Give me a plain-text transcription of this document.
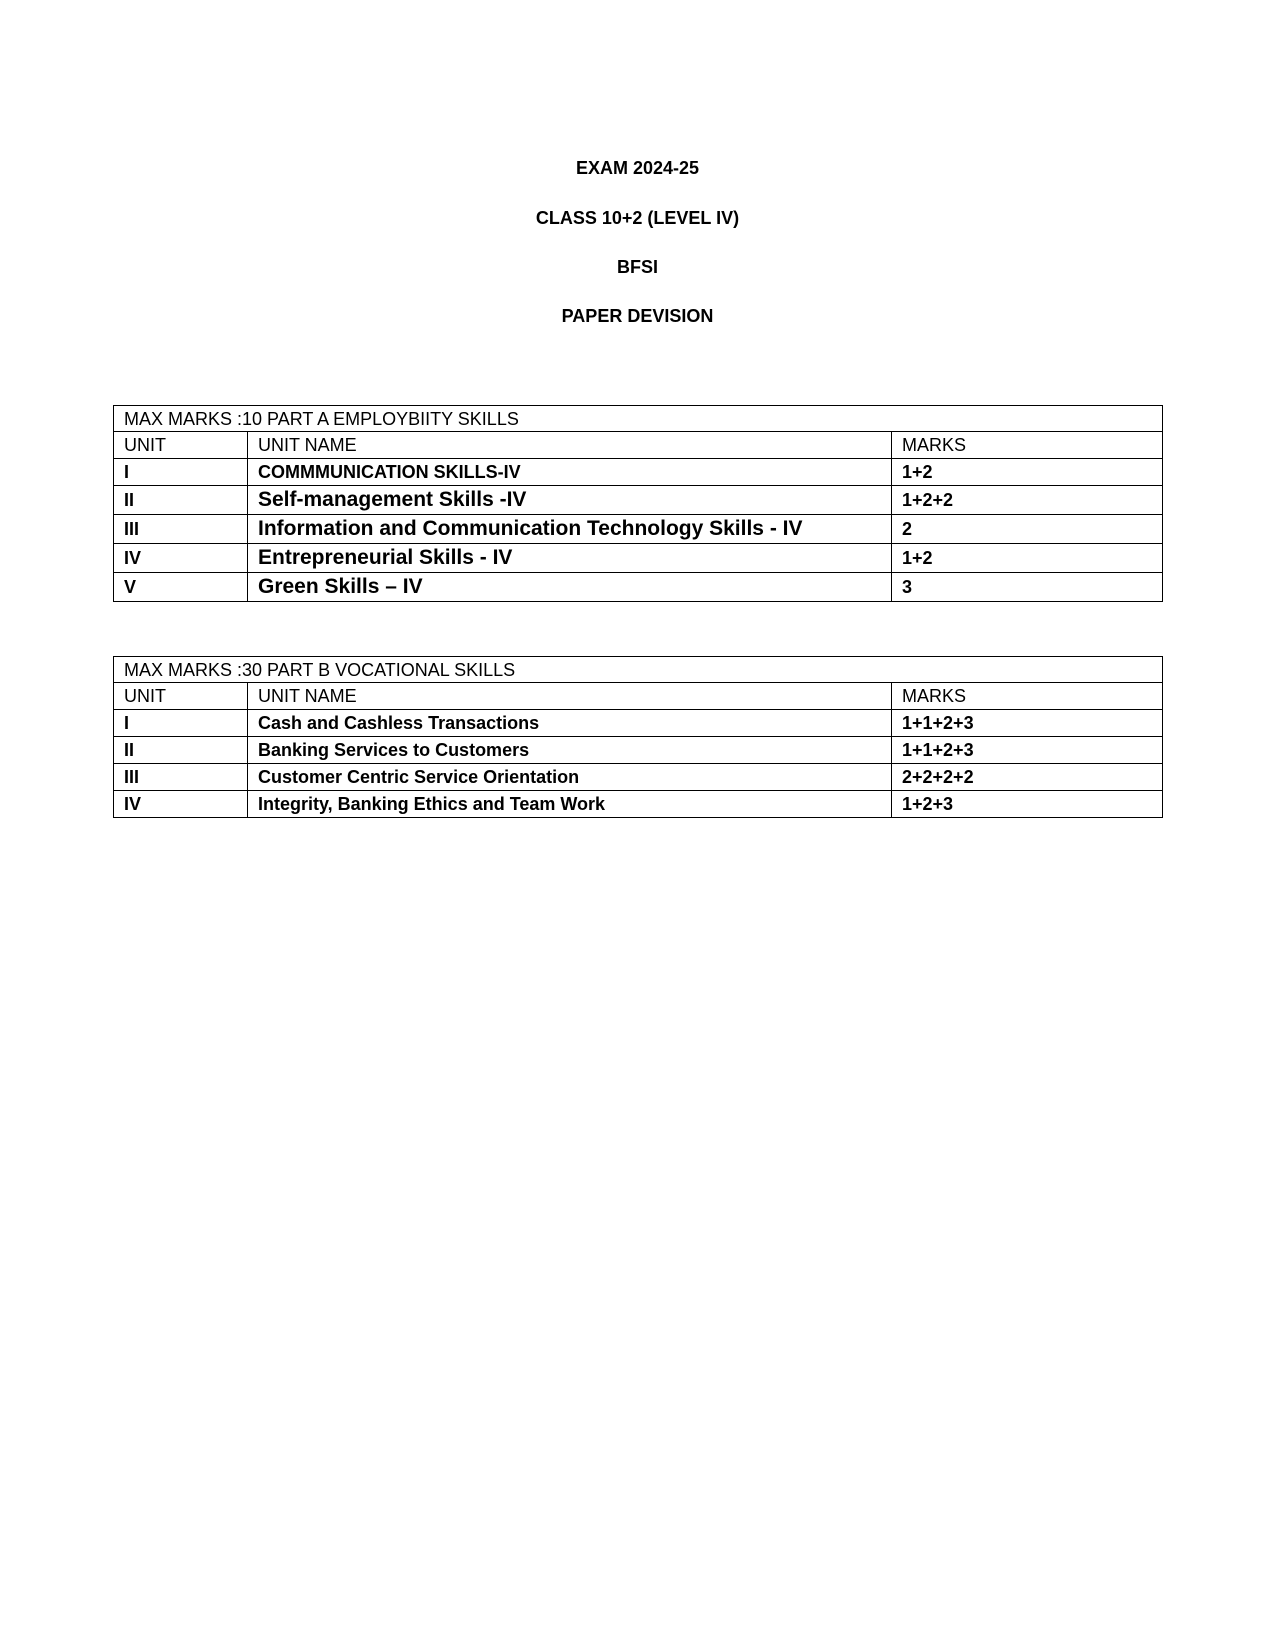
EXAM 2024-25

CLASS 10+2 (LEVEL IV)

BFSI

PAPER DEVISION

MAX MARKS :10 PART A EMPLOYBIITY SKILLS		
UNIT	UNIT NAME	MARKS
I	COMMMUNICATION SKILLS-IV	1+2
II	Self-management Skills -IV	1+2+2
III	Information and Communication Technology Skills - IV	2
IV	Entrepreneurial Skills - IV	1+2
V	Green Skills – IV	3
MAX MARKS :30 PART B VOCATIONAL SKILLS		
UNIT	UNIT NAME	MARKS
I	Cash and Cashless Transactions	1+1+2+3
II	Banking Services to Customers	1+1+2+3
III	Customer Centric Service Orientation	2+2+2+2
IV	Integrity, Banking Ethics and Team Work	1+2+3
